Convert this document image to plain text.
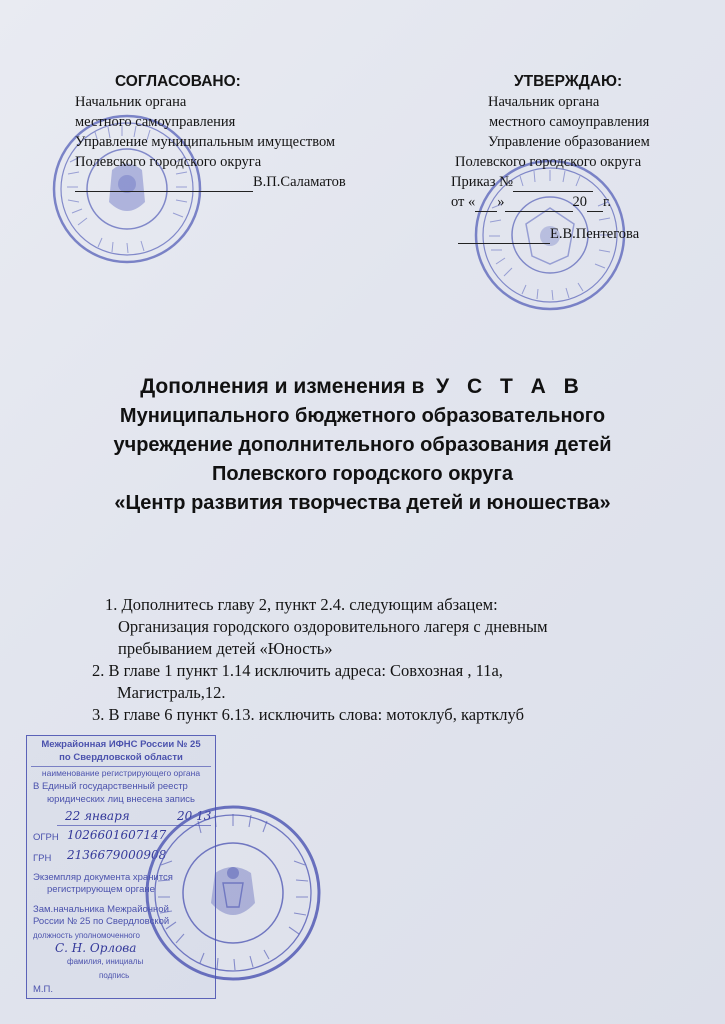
СОГЛАСОВАНО:
Начальник органа
местного самоуправления
Управление муниципальным имуществом
Полевского городского округа
В.П.Саламатов
УТВЕРЖДАЮ:
Начальник органа
местного самоуправления
Управление образованием
Полевского городского округа
Приказ №
от « »	20 г.
Е.В.Пентегова
Дополнения и изменения в У С Т А В
Муниципального бюджетного образовательного
учреждение дополнительного образования детей
Полевского городского округа
«Центр развития творчества детей и юношества»
1. Дополнитесь главу 2, пункт 2.4. следующим абзацем:
Организация городского оздоровительного лагеря с дневным
пребыванием детей «Юность»
2. В главе 1 пункт 1.14 исключить адреса: Совхозная , 11а,
Магистраль,12.
3. В главе 6 пункт 6.13. исключить слова: мотоклуб, картклуб
Межрайонная ИФНС России № 25
по Свердловской области
наименование регистрирующего органа
В Единый государственный реестр
юридических лиц внесена запись
22 января	20 13
ОГРН 1026601607147
ГРН 2136679000908
Экземпляр документа хранится
регистрирующем органе
Зам.начальника Межрайонной
России № 25 по Свердловской
должность уполномоченного
С. Н. Орлова
фамилия, инициалы
подпись
М.П.
